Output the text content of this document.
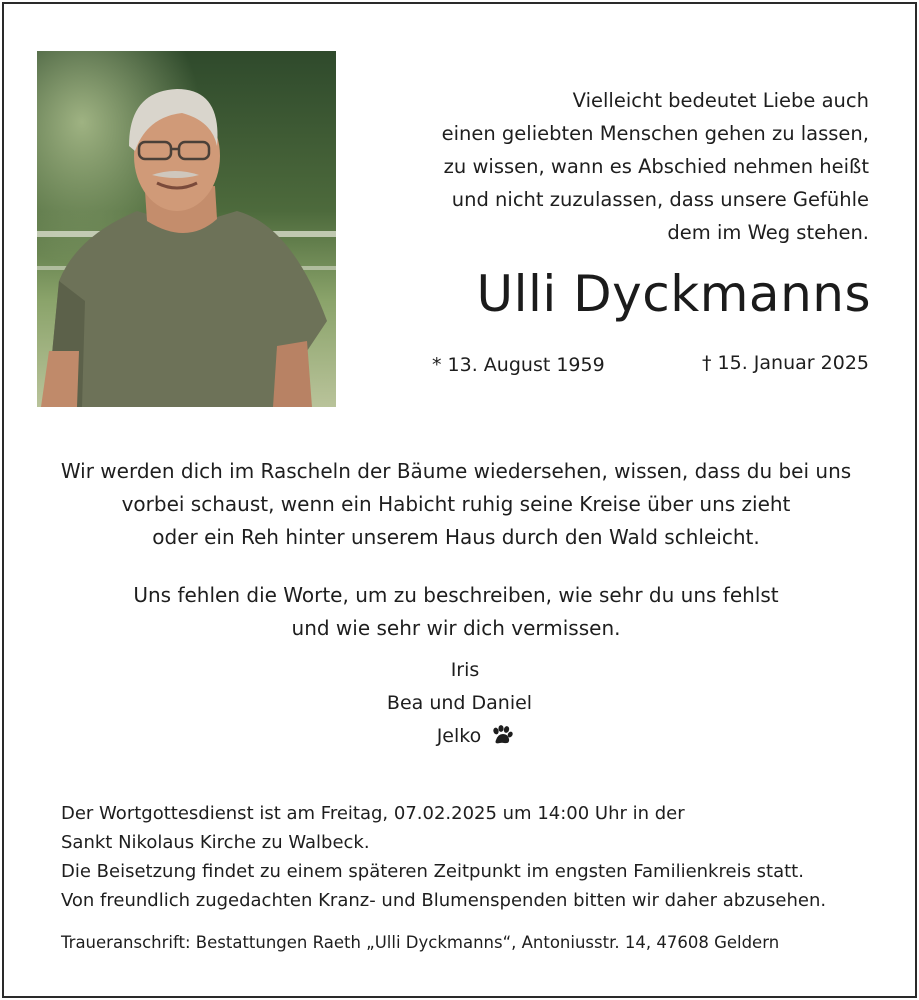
Vielleicht bedeutet Liebe auch
einen geliebten Menschen gehen zu lassen,
zu wissen, wann es Abschied nehmen heißt
und nicht zuzulassen, dass unsere Gefühle
dem im Weg stehen.
Ulli Dyckmanns
* 13. August 1959	† 15. Januar 2025
Wir werden dich im Rascheln der Bäume wiedersehen, wissen, dass du bei uns
vorbei schaust, wenn ein Habicht ruhig seine Kreise über uns zieht
oder ein Reh hinter unserem Haus durch den Wald schleicht.
Uns fehlen die Worte, um zu beschreiben, wie sehr du uns fehlst
und wie sehr wir dich vermissen.
Iris
Bea und Daniel
Jelko
Der Wortgottesdienst ist am Freitag, 07.02.2025 um 14:00 Uhr in der
Sankt Nikolaus Kirche zu Walbeck.
Die Beisetzung findet zu einem späteren Zeitpunkt im engsten Familienkreis statt.
Von freundlich zugedachten Kranz- und Blumenspenden bitten wir daher abzusehen.
Traueranschrift: Bestattungen Raeth „Ulli Dyckmanns“, Antoniusstr. 14, 47608 Geldern
